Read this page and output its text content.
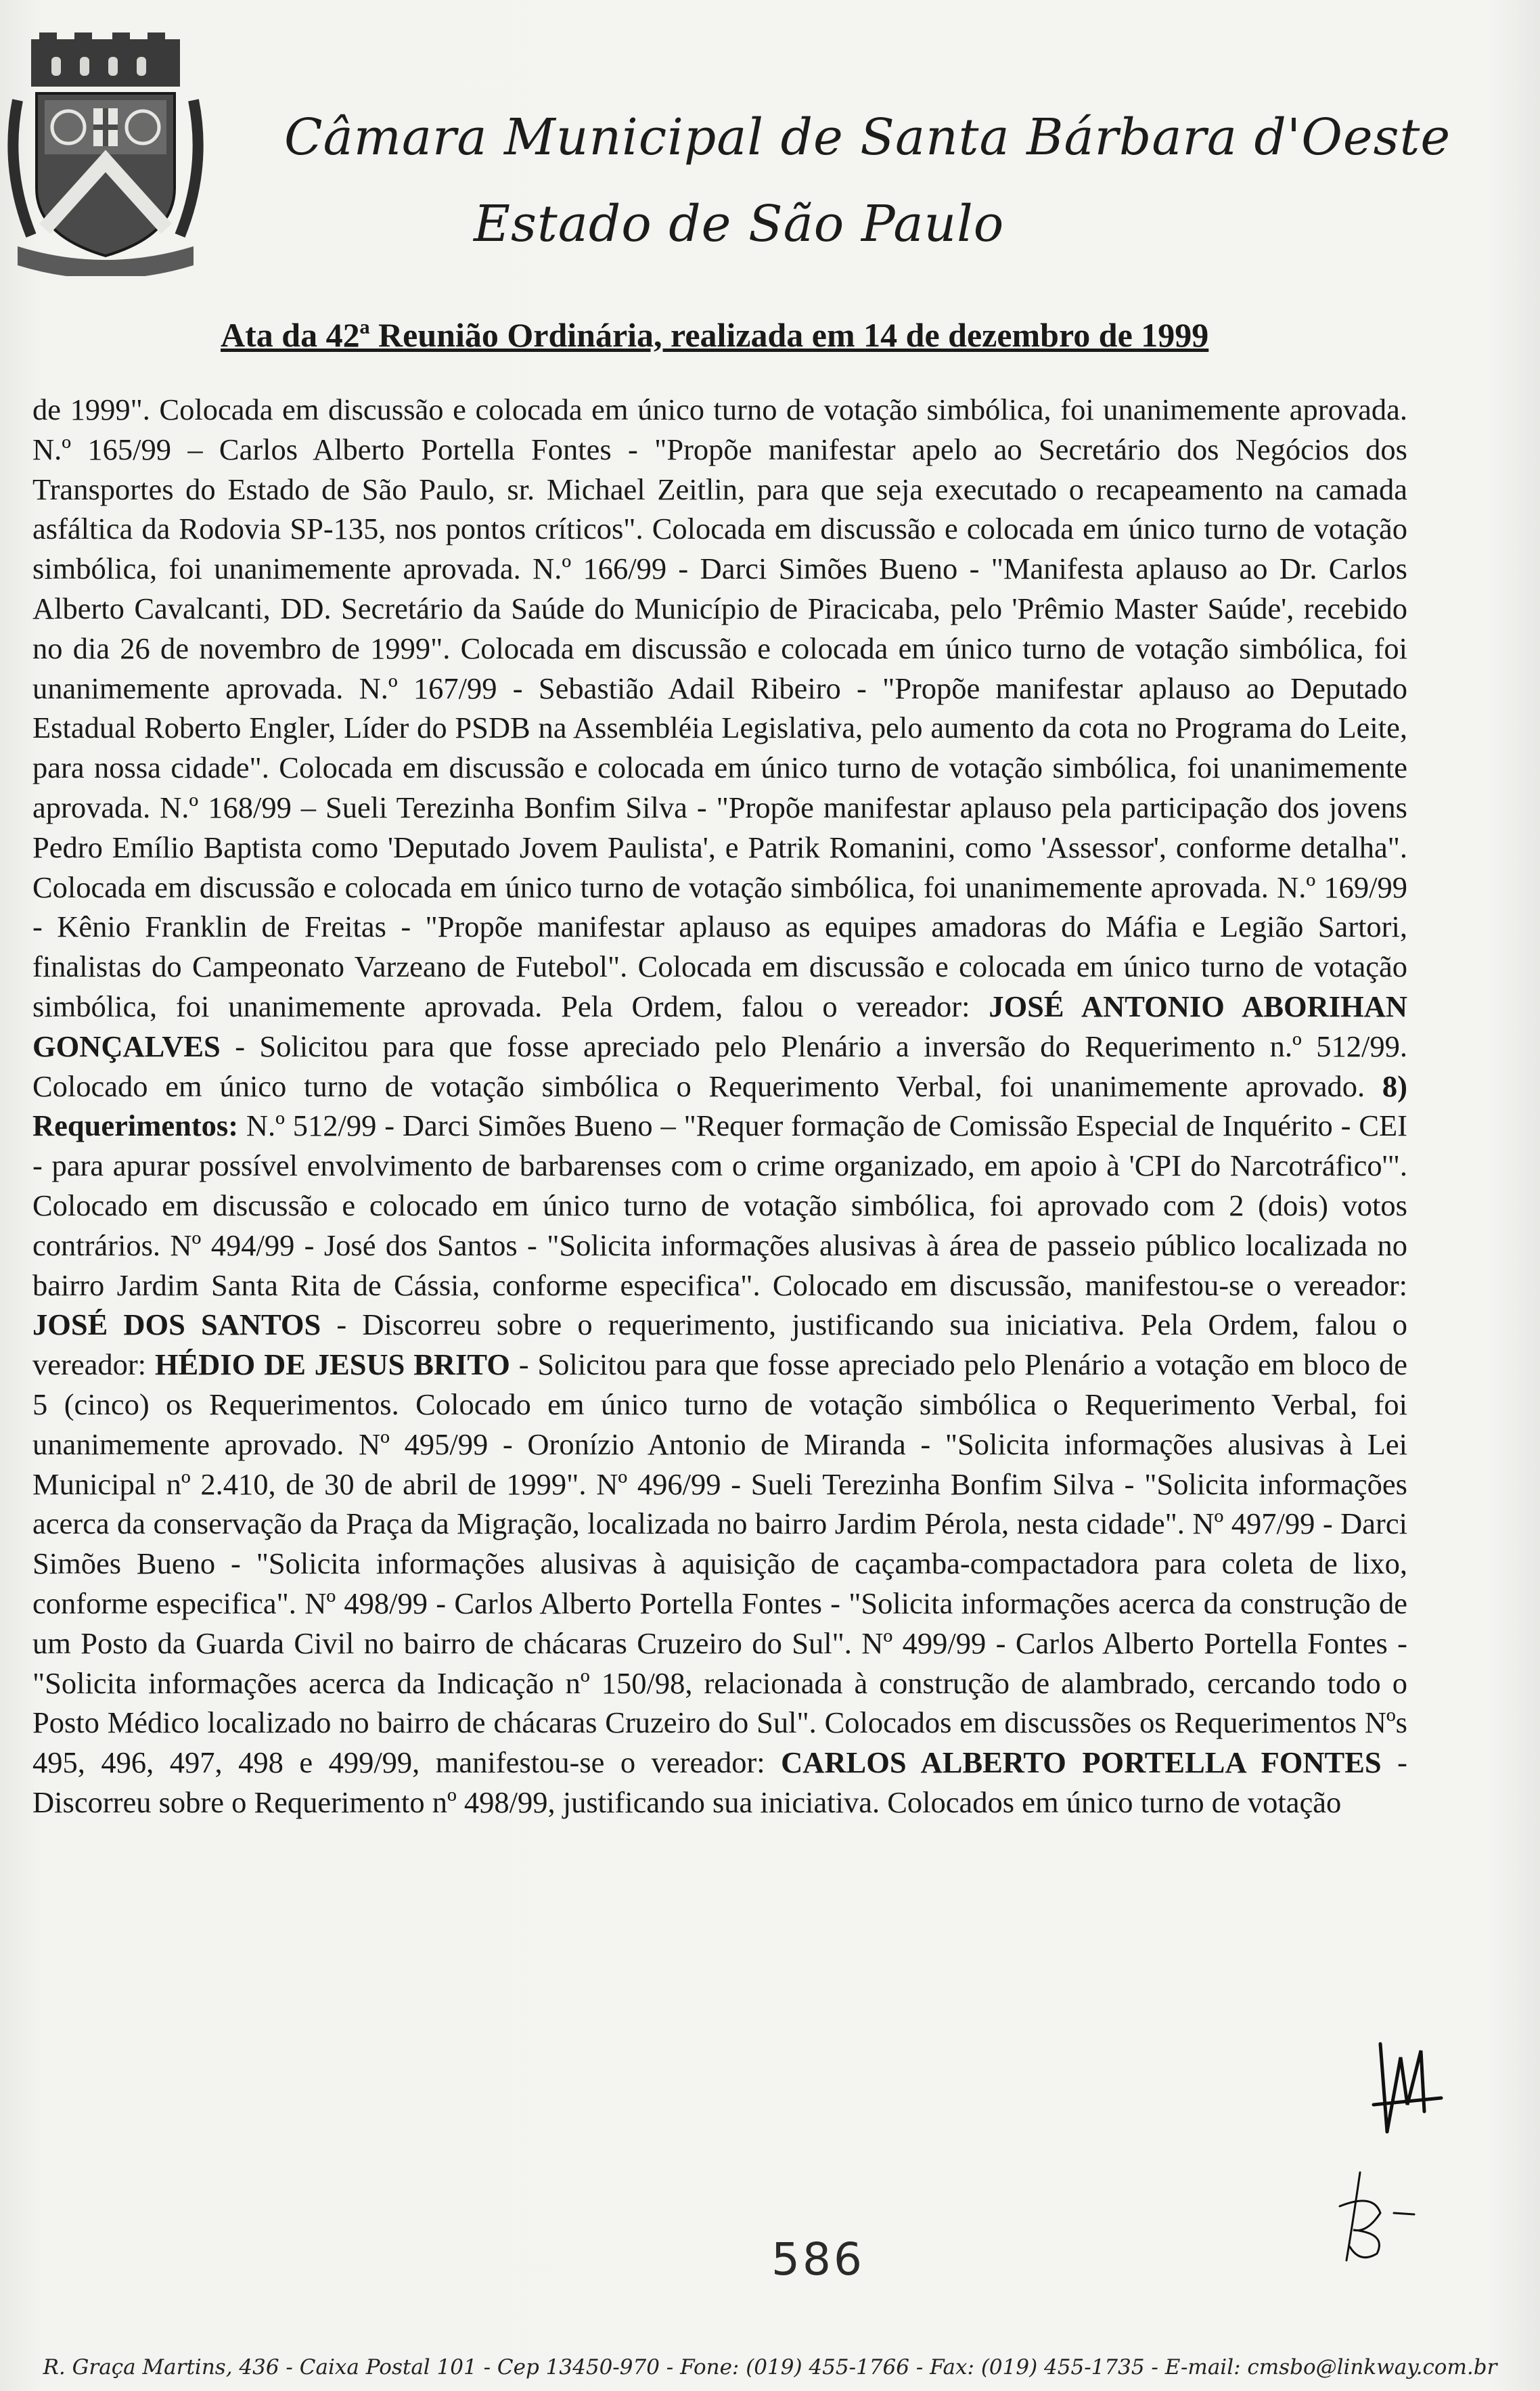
Câmara Municipal de Santa Bárbara d'Oeste
Estado de São Paulo
Ata da 42ª Reunião Ordinária, realizada em 14 de dezembro de 1999

de 1999". Colocada em discussão e colocada em único turno de votação simbólica, foi unanimemente aprovada. N.º 165/99 – Carlos Alberto Portella Fontes - "Propõe manifestar apelo ao Secretário dos Negócios dos Transportes do Estado de São Paulo, sr. Michael Zeitlin, para que seja executado o recapeamento na camada asfáltica da Rodovia SP-135, nos pontos críticos". Colocada em discussão e colocada em único turno de votação simbólica, foi unanimemente aprovada. N.º 166/99 - Darci Simões Bueno - "Manifesta aplauso ao Dr. Carlos Alberto Cavalcanti, DD. Secretário da Saúde do Município de Piracicaba, pelo 'Prêmio Master Saúde', recebido no dia 26 de novembro de 1999". Colocada em discussão e colocada em único turno de votação simbólica, foi unanimemente aprovada. N.º 167/99 - Sebastião Adail Ribeiro - "Propõe manifestar aplauso ao Deputado Estadual Roberto Engler, Líder do PSDB na Assembléia Legislativa, pelo aumento da cota no Programa do Leite, para nossa cidade". Colocada em discussão e colocada em único turno de votação simbólica, foi unanimemente aprovada. N.º 168/99 – Sueli Terezinha Bonfim Silva - "Propõe manifestar aplauso pela participação dos jovens Pedro Emílio Baptista como 'Deputado Jovem Paulista', e Patrik Romanini, como 'Assessor', conforme detalha". Colocada em discussão e colocada em único turno de votação simbólica, foi unanimemente aprovada. N.º 169/99 - Kênio Franklin de Freitas - "Propõe manifestar aplauso as equipes amadoras do Máfia e Legião Sartori, finalistas do Campeonato Varzeano de Futebol". Colocada em discussão e colocada em único turno de votação simbólica, foi unanimemente aprovada. Pela Ordem, falou o vereador: JOSÉ ANTONIO ABORIHAN GONÇALVES - Solicitou para que fosse apreciado pelo Plenário a inversão do Requerimento n.º 512/99. Colocado em único turno de votação simbólica o Requerimento Verbal, foi unanimemente aprovado. 8) Requerimentos: N.º 512/99 - Darci Simões Bueno – "Requer formação de Comissão Especial de Inquérito - CEI - para apurar possível envolvimento de barbarenses com o crime organizado, em apoio à 'CPI do Narcotráfico'". Colocado em discussão e colocado em único turno de votação simbólica, foi aprovado com 2 (dois) votos contrários. Nº 494/99 - José dos Santos - "Solicita informações alusivas à área de passeio público localizada no bairro Jardim Santa Rita de Cássia, conforme especifica". Colocado em discussão, manifestou-se o vereador: JOSÉ DOS SANTOS - Discorreu sobre o requerimento, justificando sua iniciativa. Pela Ordem, falou o vereador: HÉDIO DE JESUS BRITO - Solicitou para que fosse apreciado pelo Plenário a votação em bloco de 5 (cinco) os Requerimentos. Colocado em único turno de votação simbólica o Requerimento Verbal, foi unanimemente aprovado. Nº 495/99 - Oronízio Antonio de Miranda - "Solicita informações alusivas à Lei Municipal nº 2.410, de 30 de abril de 1999". Nº 496/99 - Sueli Terezinha Bonfim Silva - "Solicita informações acerca da conservação da Praça da Migração, localizada no bairro Jardim Pérola, nesta cidade". Nº 497/99 - Darci Simões Bueno - "Solicita informações alusivas à aquisição de caçamba-compactadora para coleta de lixo, conforme especifica". Nº 498/99 - Carlos Alberto Portella Fontes - "Solicita informações acerca da construção de um Posto da Guarda Civil no bairro de chácaras Cruzeiro do Sul". Nº 499/99 - Carlos Alberto Portella Fontes - "Solicita informações acerca da Indicação nº 150/98, relacionada à construção de alambrado, cercando todo o Posto Médico localizado no bairro de chácaras Cruzeiro do Sul". Colocados em discussões os Requerimentos Nºs 495, 496, 497, 498 e 499/99, manifestou-se o vereador: CARLOS ALBERTO PORTELLA FONTES - Discorreu sobre o Requerimento nº 498/99, justificando sua iniciativa. Colocados em único turno de votação

586
R. Graça Martins, 436 - Caixa Postal 101 - Cep 13450-970 - Fone: (019) 455-1766 - Fax: (019) 455-1735 - E-mail: cmsbo@linkway.com.br
